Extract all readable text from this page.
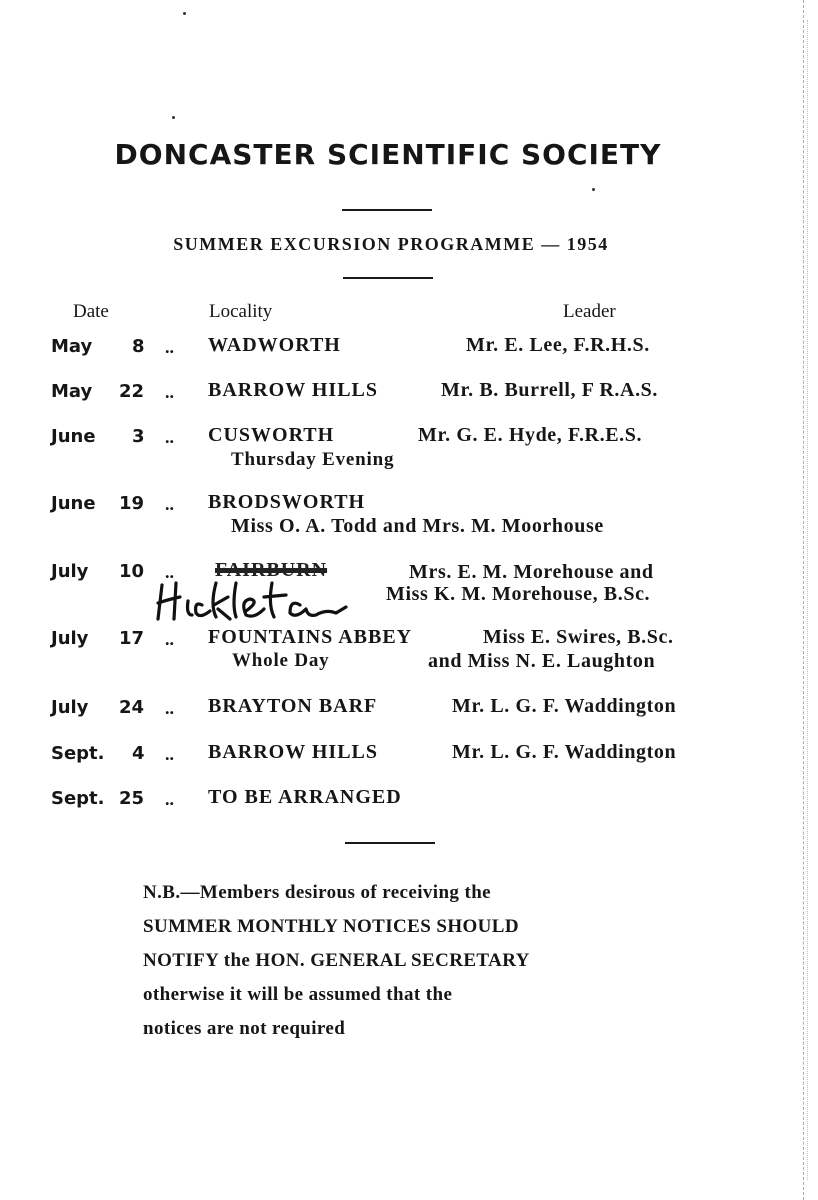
DONCASTER SCIENTIFIC SOCIETY
SUMMER EXCURSION PROGRAMME — 1954
Date	Locality	Leader
May 8 .. WADWORTH	Mr. E. Lee, F.R.H.S.
May 22 .. BARROW HILLS	Mr. B. Burrell, F R.A.S.
June 3 .. CUSWORTH	Mr. G. E. Hyde, F.R.E.S.
Thursday Evening
June 19 .. BRODSWORTH
Miss O. A. Todd and Mrs. M. Moorhouse
July 10 .. FAIRBURN	Mrs. E. M. Morehouse and
Miss K. M. Morehouse, B.Sc.
July 17 .. FOUNTAINS ABBEY	Miss E. Swires, B.Sc.
Whole Day	and Miss N. E. Laughton
July 24 .. BRAYTON BARF	Mr. L. G. F. Waddington
Sept. 4 .. BARROW HILLS	Mr. L. G. F. Waddington
Sept. 25 .. TO BE ARRANGED
N.B.—Members desirous of receiving the
SUMMER MONTHLY NOTICES SHOULD
NOTIFY the HON. GENERAL SECRETARY
otherwise it will be assumed that the
notices are not required
